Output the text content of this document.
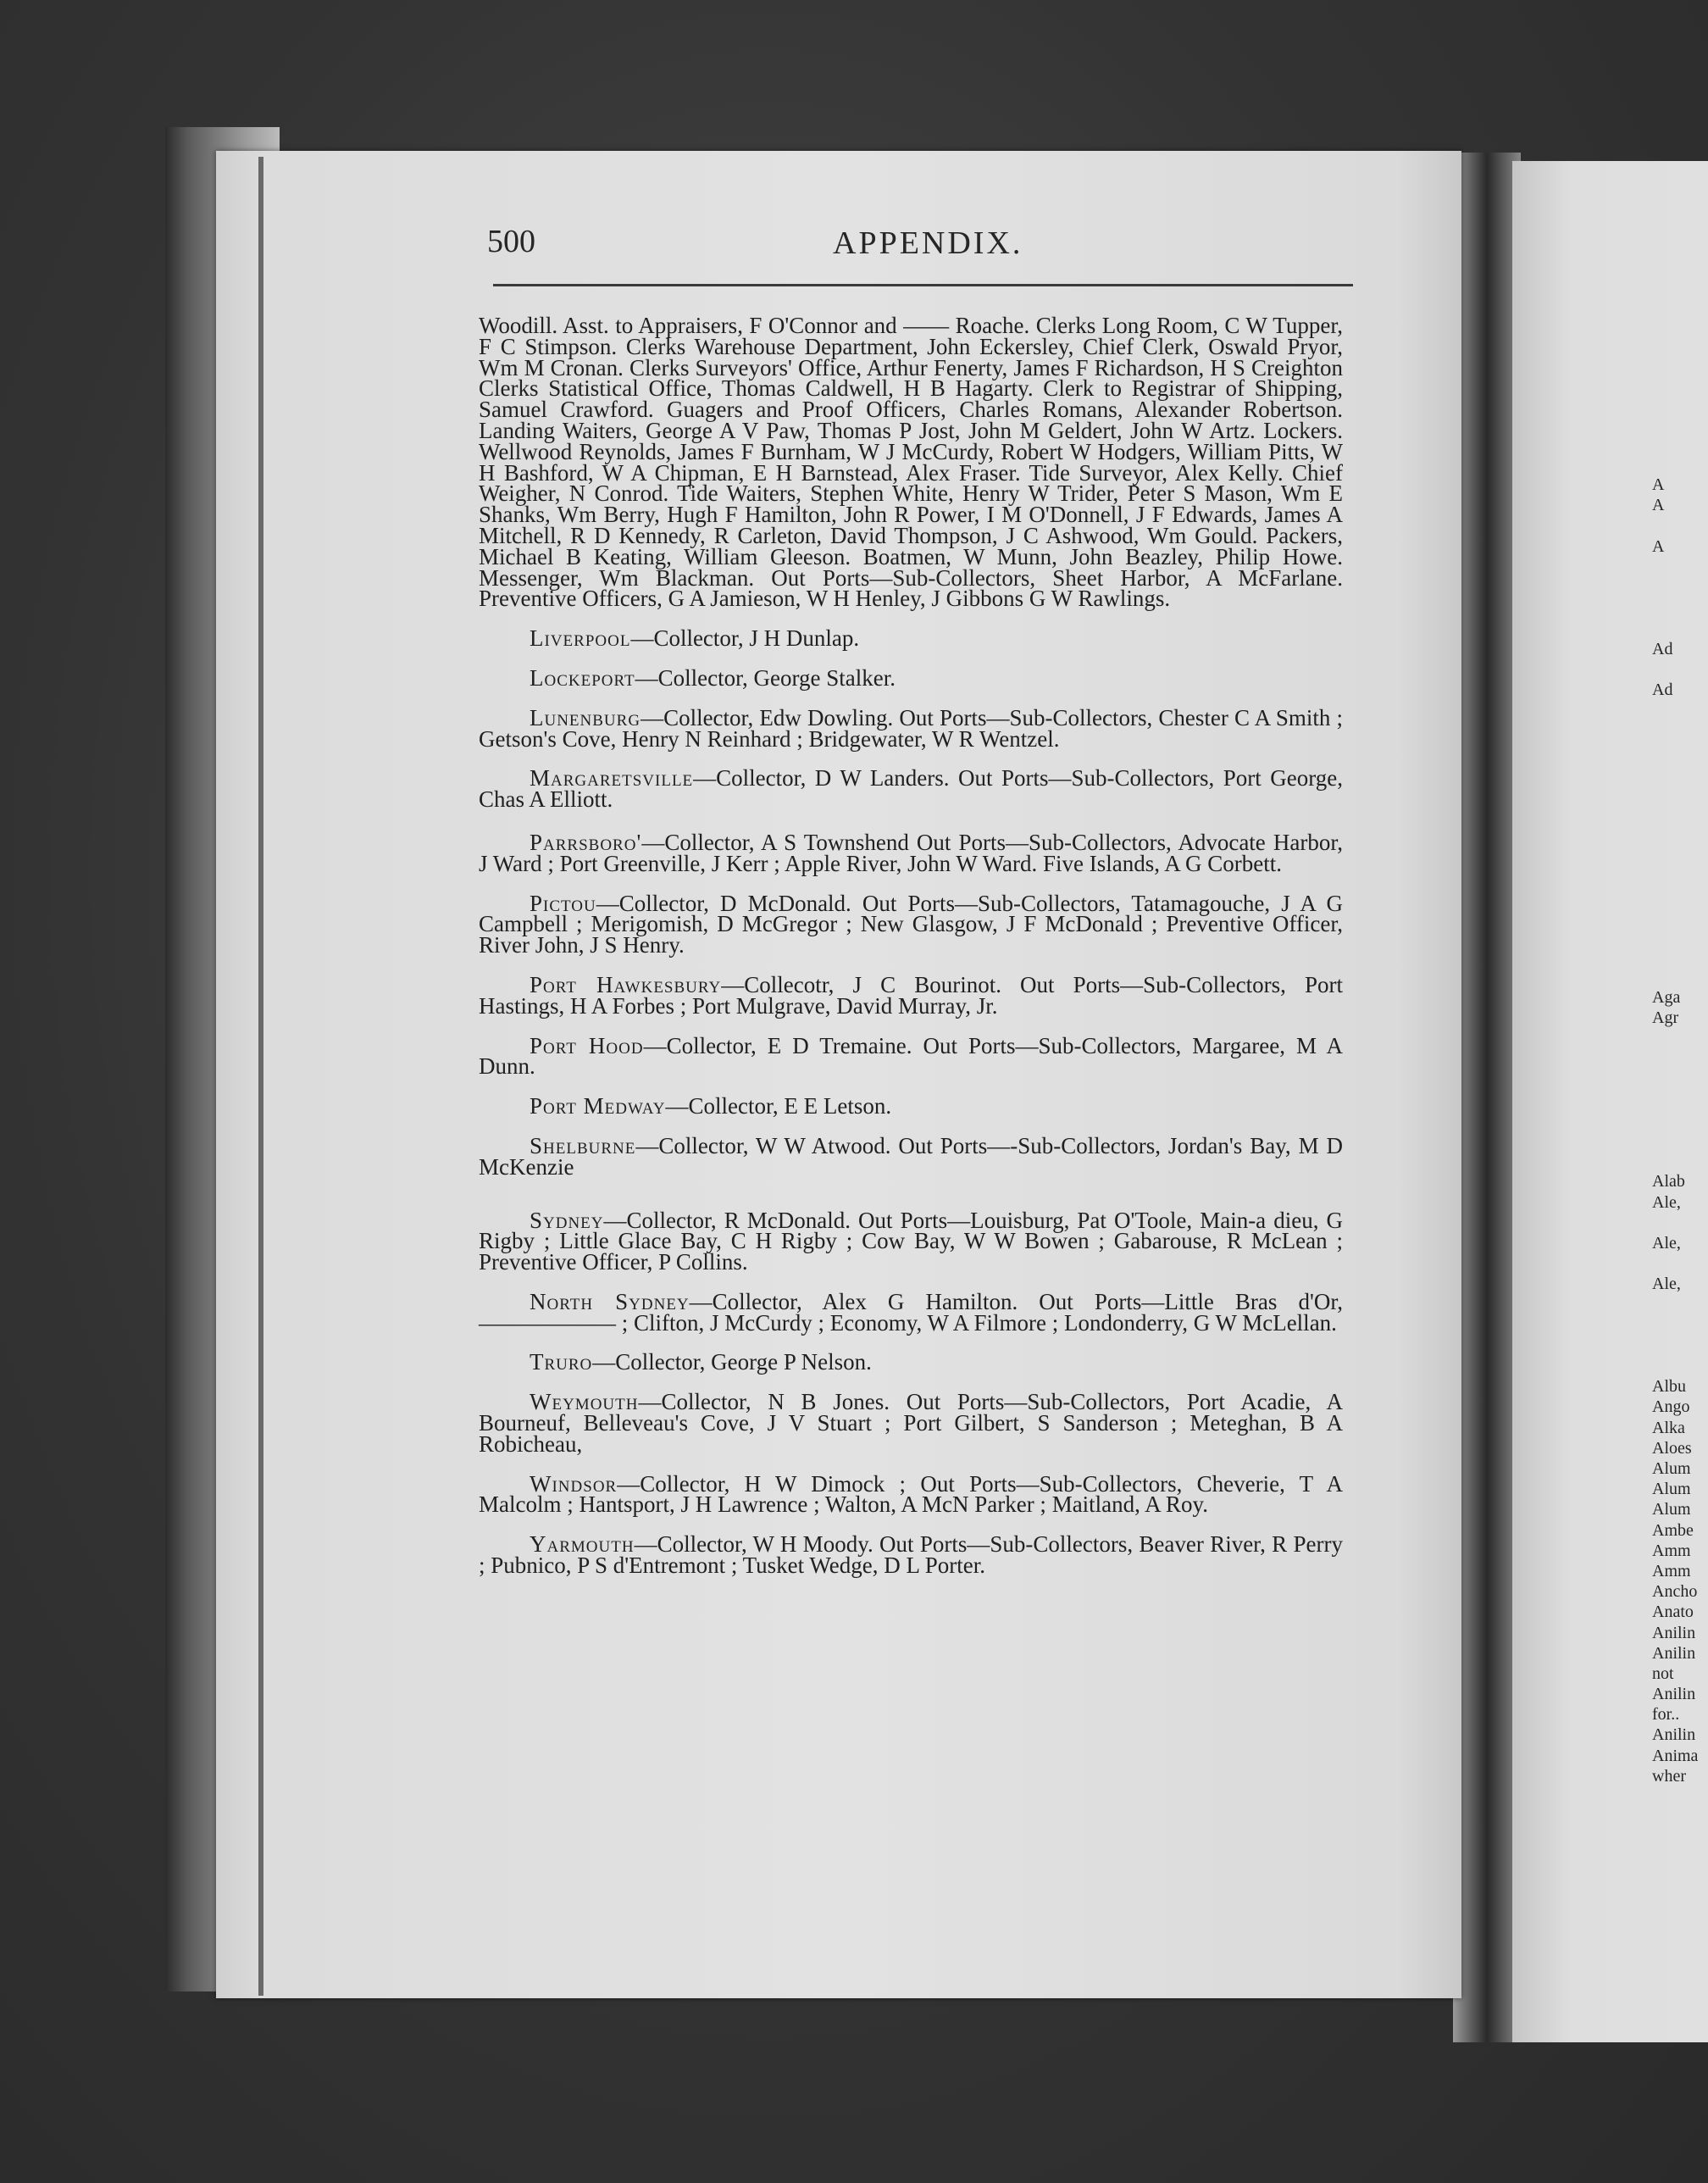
500	APPENDIX.

Woodill. Asst. to Appraisers, F O'Connor and —— Roache. Clerks Long Room, C W Tupper, F C Stimpson. Clerks Warehouse Department, John Eckersley, Chief Clerk, Oswald Pryor, Wm M Cronan. Clerks Surveyors' Office, Arthur Fenerty, James F Richardson, H S Creighton Clerks Statistical Office, Thomas Caldwell, H B Hagarty. Clerk to Registrar of Shipping, Samuel Crawford. Guagers and Proof Officers, Charles Romans, Alexander Robertson. Landing Waiters, George A V Paw, Thomas P Jost, John M Geldert, John W Artz. Lockers. Wellwood Reynolds, James F Burnham, W J McCurdy, Robert W Hodgers, William Pitts, W H Bashford, W A Chipman, E H Barnstead, Alex Fraser. Tide Surveyor, Alex Kelly. Chief Weigher, N Conrod. Tide Waiters, Stephen White, Henry W Trider, Peter S Mason, Wm E Shanks, Wm Berry, Hugh F Hamilton, John R Power, I M O'Donnell, J F Edwards, James A Mitchell, R D Kennedy, R Carleton, David Thompson, J C Ashwood, Wm Gould. Packers, Michael B Keating, William Gleeson. Boatmen, W Munn, John Beazley, Philip Howe. Messenger, Wm Blackman. Out Ports—Sub-Collectors, Sheet Harbor, A McFarlane. Preventive Officers, G A Jamieson, W H Henley, J Gibbons G W Rawlings.

Liverpool—Collector, J H Dunlap.

Lockeport—Collector, George Stalker.

Lunenburg—Collector, Edw Dowling. Out Ports—Sub-Collectors, Chester C A Smith ; Getson's Cove, Henry N Reinhard ; Bridgewater, W R Wentzel.

Margaretsville—Collector, D W Landers. Out Ports—Sub-Collectors, Port George, Chas A Elliott.

Parrsboro'—Collector, A S Townshend Out Ports—Sub-Collectors, Advocate Harbor, J Ward ; Port Greenville, J Kerr ; Apple River, John W Ward. Five Islands, A G Corbett.

Pictou—Collector, D McDonald. Out Ports—Sub-Collectors, Tatamagouche, J A G Campbell ; Merigomish, D McGregor ; New Glasgow, J F McDonald ; Preventive Officer, River John, J S Henry.

Port Hawkesbury—Collecotr, J C Bourinot. Out Ports—Sub-Collectors, Port Hastings, H A Forbes ; Port Mulgrave, David Murray, Jr.

Port Hood—Collector, E D Tremaine. Out Ports—Sub-Collectors, Margaree, M A Dunn.

Port Medway—Collector, E E Letson.

Shelburne—Collector, W W Atwood. Out Ports—-Sub-Collectors, Jordan's Bay, M D McKenzie

Sydney—Collector, R McDonald. Out Ports—Louisburg, Pat O'Toole, Main-a dieu, G Rigby ; Little Glace Bay, C H Rigby ; Cow Bay, W W Bowen ; Gabarouse, R McLean ; Preventive Officer, P Collins.

North Sydney—Collector, Alex G Hamilton. Out Ports—Little Bras d'Or, —————— ; Clifton, J McCurdy ; Economy, W A Filmore ; Londonderry, G W McLellan.

Truro—Collector, George P Nelson.

Weymouth—Collector, N B Jones. Out Ports—Sub-Collectors, Port Acadie, A Bourneuf, Belleveau's Cove, J V Stuart ; Port Gilbert, S Sanderson ; Meteghan, B A Robicheau,

Windsor—Collector, H W Dimock ; Out Ports—Sub-Collectors, Cheverie, T A Malcolm ; Hantsport, J H Lawrence ; Walton, A McN Parker ; Maitland, A Roy.

Yarmouth—Collector, W H Moody. Out Ports—Sub-Collectors, Beaver River, R Perry ; Pubnico, P S d'Entremont ; Tusket Wedge, D L Porter.

A
A
A
Ad
Ad
Aga
Agr
Alab
Ale,
Ale,
Ale,
Albu
Ango
Alka
Aloes
Alum
Alum
Alum
Ambe
Amm
Amm
Ancho
Anato
Anilin
Anilin
not
Anilin
for..
Anilin
Anima
wher
